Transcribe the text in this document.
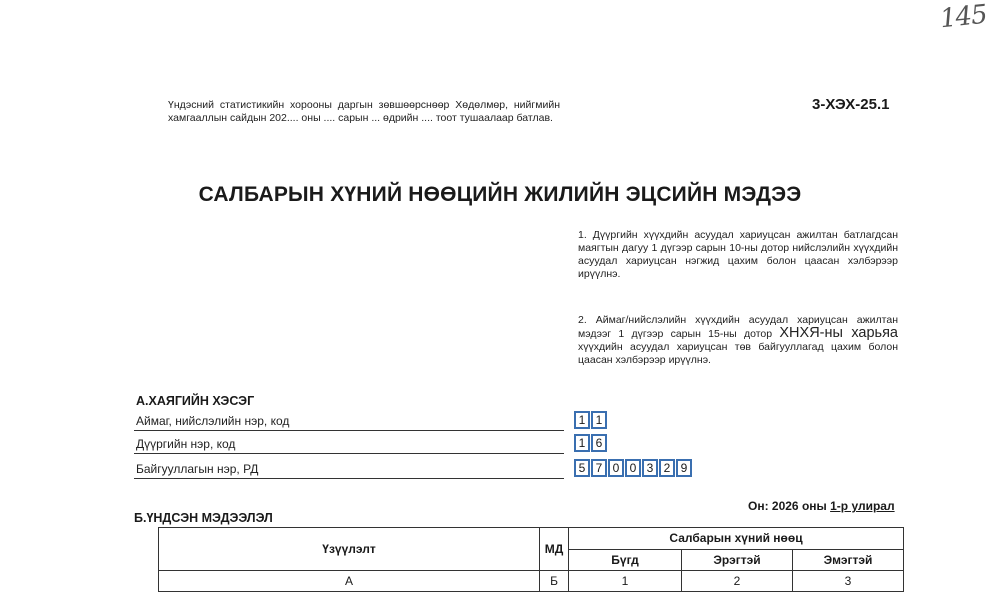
145
Үндэсний статистикийн хорооны даргын зөвшөөрснөөр Хөдөлмөр, нийгмийн хамгааллын сайдын 202.... оны .... сарын ... өдрийн .... тоот тушаалаар батлав.
3-ХЭХ-25.1
САЛБАРЫН ХҮНИЙ НӨӨЦИЙН ЖИЛИЙН ЭЦСИЙН МЭДЭЭ
1. Дүүргийн хүүхдийн асуудал хариуцсан ажилтан батлагдсан маягтын дагуу 1 дүгээр сарын 10-ны дотор нийслэлийн хүүхдийн асуудал хариуцсан нэгжид цахим болон цаасан хэлбэрээр ирүүлнэ.
2. Аймаг/нийслэлийн хүүхдийн асуудал хариуцсан ажилтан мэдээг 1 дүгээр сарын 15-ны дотор ХНХЯ-ны харьяа хүүхдийн асуудал хариуцсан төв байгууллагад цахим болон цаасан хэлбэрээр ирүүлнэ.
А.ХАЯГИЙН ХЭСЭГ
Аймаг, нийслэлийн нэр, код	1 1
Дүүргийн нэр, код	1 6
Байгууллагын нэр, РД	5 7 0 0 3 2 9
Он: 2026 оны 1-р улирал
Б.ҮНДСЭН МЭДЭЭЛЭЛ
Үзүүлэлт	МД	Салбарын хүний нөөц		
		Бүгд	Эрэгтэй	Эмэгтэй
А	Б	1	2	3
